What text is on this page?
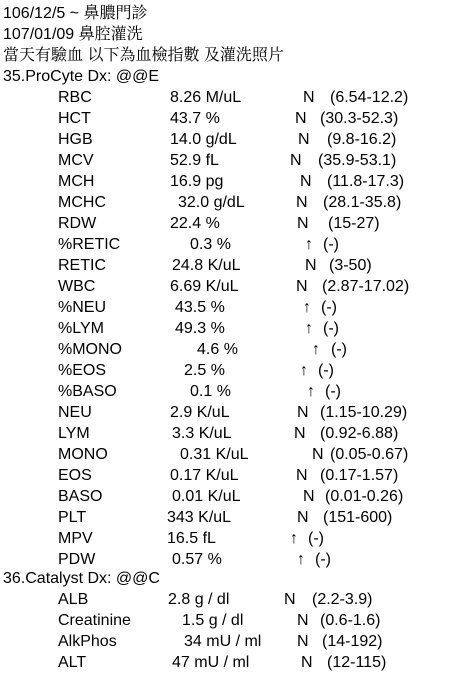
106/12/5 ~ 鼻膿門診
107/01/09 鼻腔灌洗
當天有驗血 以下為血檢指數 及灌洗照片
35.ProCyte Dx: @@E
RBC	8.26 M/uL	N (6.54-12.2)
HCT	43.7 %	N (30.3-52.3)
HGB	14.0 g/dL	N (9.8-16.2)
MCV	52.9 fL	N (35.9-53.1)
MCH	16.9 pg	N (11.8-17.3)
MCHC	32.0 g/dL	N (28.1-35.8)
RDW	22.4 %	N (15-27)
%RETIC	0.3 %	↑ (-)
RETIC	24.8 K/uL	N (3-50)
WBC	6.69 K/uL	N (2.87-17.02)
%NEU	43.5 %	↑ (-)
%LYM	49.3 %	↑ (-)
%MONO	4.6 %	↑ (-)
%EOS	2.5 %	↑ (-)
%BASO	0.1 %	↑ (-)
NEU	2.9 K/uL	N (1.15-10.29)
LYM	3.3 K/uL	N (0.92-6.88)
MONO	0.31 K/uL	N (0.05-0.67)
EOS	0.17 K/uL	N (0.17-1.57)
BASO	0.01 K/uL	N (0.01-0.26)
PLT	343 K/uL	N (151-600)
MPV	16.5 fL	↑ (-)
PDW	0.57 %	↑ (-)
36.Catalyst Dx: @@C
ALB	2.8 g / dl	N (2.2-3.9)
Creatinine	1.5 g / dl	N (0.6-1.6)
AlkPhos	34 mU / ml N (14-192)
ALT	47 mU / ml	N (12-115)
